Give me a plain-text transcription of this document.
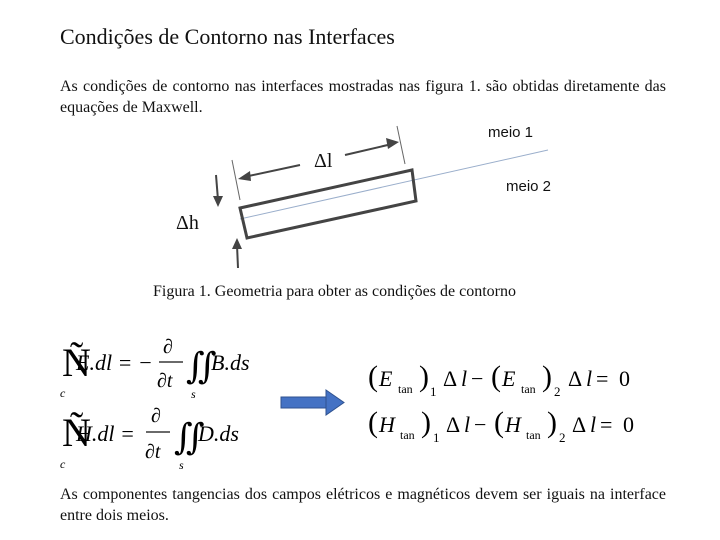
Condições de Contorno nas Interfaces
As condições de contorno nas interfaces mostradas nas figura 1. são obtidas diretamente das equações de Maxwell.
Ñ
c
E.dl = −
∂
∂t ∬
s
B.ds
Ñ
c
H.dl =
∂
∂t ∬
s
D.ds
( E tan ) 1
Δ l − ( E tan ) 2
Δ l = 0
( H tan ) 1
Δ l − ( H tan ) 2
Δ l = 0
meio 1
meio 2
Δl
Δh
Figura 1. Geometria para obter as condições de contorno
As componentes tangencias dos campos elétricos e magnéticos devem ser iguais na interface entre dois meios.
